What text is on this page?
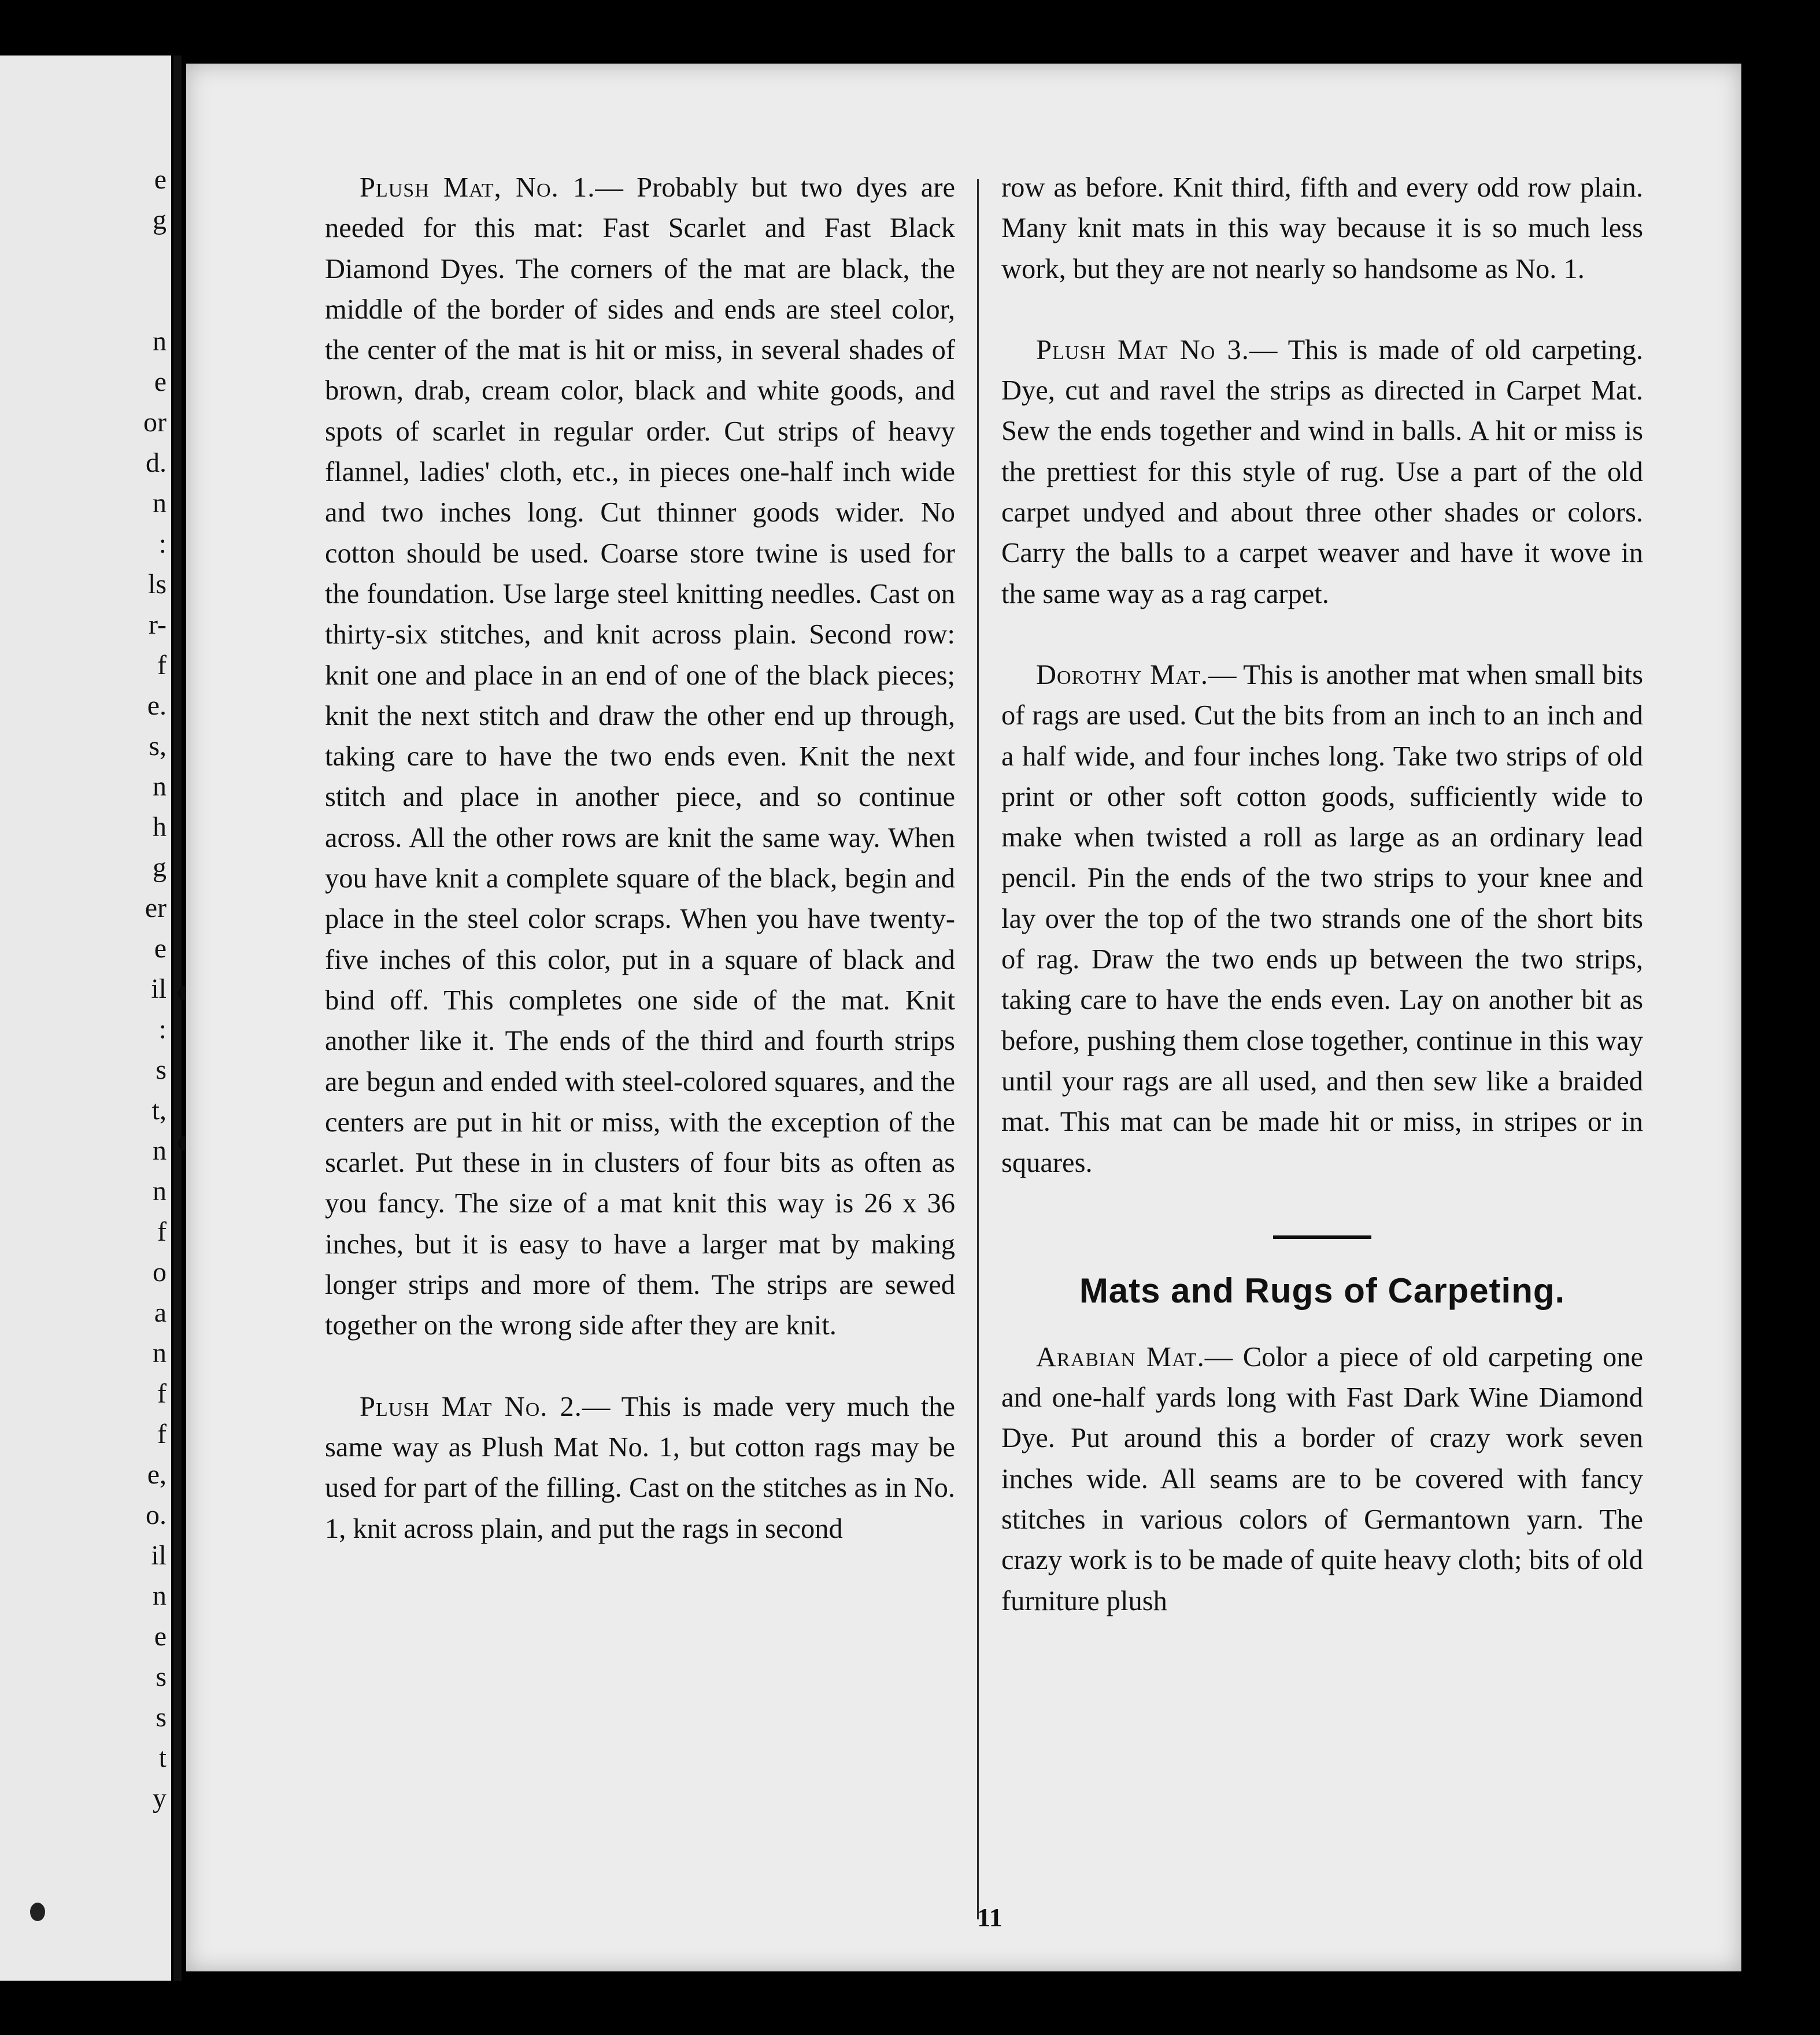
e
g
n
e
or
d.
n
:
ls
r-
f
e.
s,
n
h
g
er
e
il
:
s
t,
n
n
f
o
a
n
f
f
e,
o.
il
n
e
s
s
t
y

Plush Mat, No. 1.— Probably but two dyes are needed for this mat: Fast Scarlet and Fast Black Diamond Dyes. The corners of the mat are black, the middle of the border of sides and ends are steel color, the center of the mat is hit or miss, in several shades of brown, drab, cream color, black and white goods, and spots of scarlet in regular order. Cut strips of heavy flannel, ladies' cloth, etc., in pieces one-half inch wide and two inches long. Cut thinner goods wider. No cotton should be used. Coarse store twine is used for the foundation. Use large steel knitting needles. Cast on thirty-six stitches, and knit across plain. Second row: knit one and place in an end of one of the black pieces; knit the next stitch and draw the other end up through, taking care to have the two ends even. Knit the next stitch and place in another piece, and so continue across. All the other rows are knit the same way. When you have knit a complete square of the black, begin and place in the steel color scraps. When you have twenty-five inches of this color, put in a square of black and bind off. This completes one side of the mat. Knit another like it. The ends of the third and fourth strips are begun and ended with steel-colored squares, and the centers are put in hit or miss, with the exception of the scarlet. Put these in in clusters of four bits as often as you fancy. The size of a mat knit this way is 26 x 36 inches, but it is easy to have a larger mat by making longer strips and more of them. The strips are sewed together on the wrong side after they are knit.

Plush Mat No. 2.— This is made very much the same way as Plush Mat No. 1, but cotton rags may be used for part of the filling. Cast on the stitches as in No. 1, knit across plain, and put the rags in second

row as before. Knit third, fifth and every odd row plain. Many knit mats in this way because it is so much less work, but they are not nearly so handsome as No. 1.

Plush Mat No 3.— This is made of old carpeting. Dye, cut and ravel the strips as directed in Carpet Mat. Sew the ends together and wind in balls. A hit or miss is the prettiest for this style of rug. Use a part of the old carpet undyed and about three other shades or colors. Carry the balls to a carpet weaver and have it wove in the same way as a rag carpet.

Dorothy Mat.— This is another mat when small bits of rags are used. Cut the bits from an inch to an inch and a half wide, and four inches long. Take two strips of old print or other soft cotton goods, sufficiently wide to make when twisted a roll as large as an ordinary lead pencil. Pin the ends of the two strips to your knee and lay over the top of the two strands one of the short bits of rag. Draw the two ends up between the two strips, taking care to have the ends even. Lay on another bit as before, pushing them close together, continue in this way until your rags are all used, and then sew like a braided mat. This mat can be made hit or miss, in stripes or in squares.

Mats and Rugs of Carpeting.

Arabian Mat.— Color a piece of old carpeting one and one-half yards long with Fast Dark Wine Diamond Dye. Put around this a border of crazy work seven inches wide. All seams are to be covered with fancy stitches in various colors of Germantown yarn. The crazy work is to be made of quite heavy cloth; bits of old furniture plush

11
